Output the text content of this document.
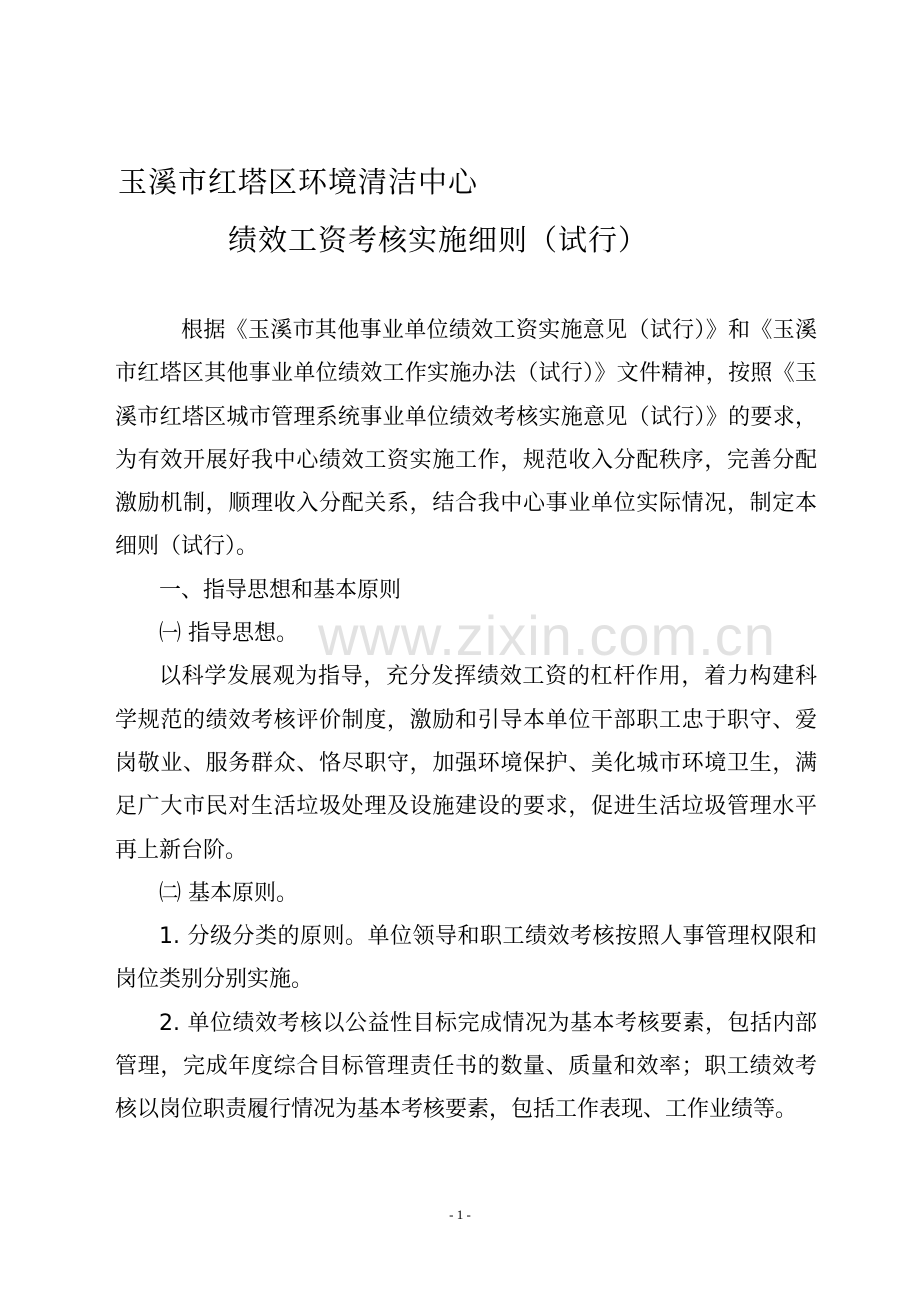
玉溪市红塔区环境清洁中心
绩效工资考核实施细则（试行）

根据《玉溪市其他事业单位绩效工资实施意见（试行）》和《玉溪市红塔区其他事业单位绩效工作实施办法（试行）》文件精神，按照《玉溪市红塔区城市管理系统事业单位绩效考核实施意见（试行）》的要求，为有效开展好我中心绩效工资实施工作，规范收入分配秩序，完善分配激励机制，顺理收入分配关系，结合我中心事业单位实际情况，制定本细则（试行）。

一、指导思想和基本原则

㈠ 指导思想。

以科学发展观为指导，充分发挥绩效工资的杠杆作用，着力构建科学规范的绩效考核评价制度，激励和引导本单位干部职工忠于职守、爱岗敬业、服务群众、恪尽职守，加强环境保护、美化城市环境卫生，满足广大市民对生活垃圾处理及设施建设的要求，促进生活垃圾管理水平再上新台阶。

㈡ 基本原则。

1. 分级分类的原则。单位领导和职工绩效考核按照人事管理权限和岗位类别分别实施。

2. 单位绩效考核以公益性目标完成情况为基本考核要素，包括内部管理，完成年度综合目标管理责任书的数量、质量和效率；职工绩效考核以岗位职责履行情况为基本考核要素，包括工作表现、工作业绩等。

www.zixin.com.cn
- 1 -
